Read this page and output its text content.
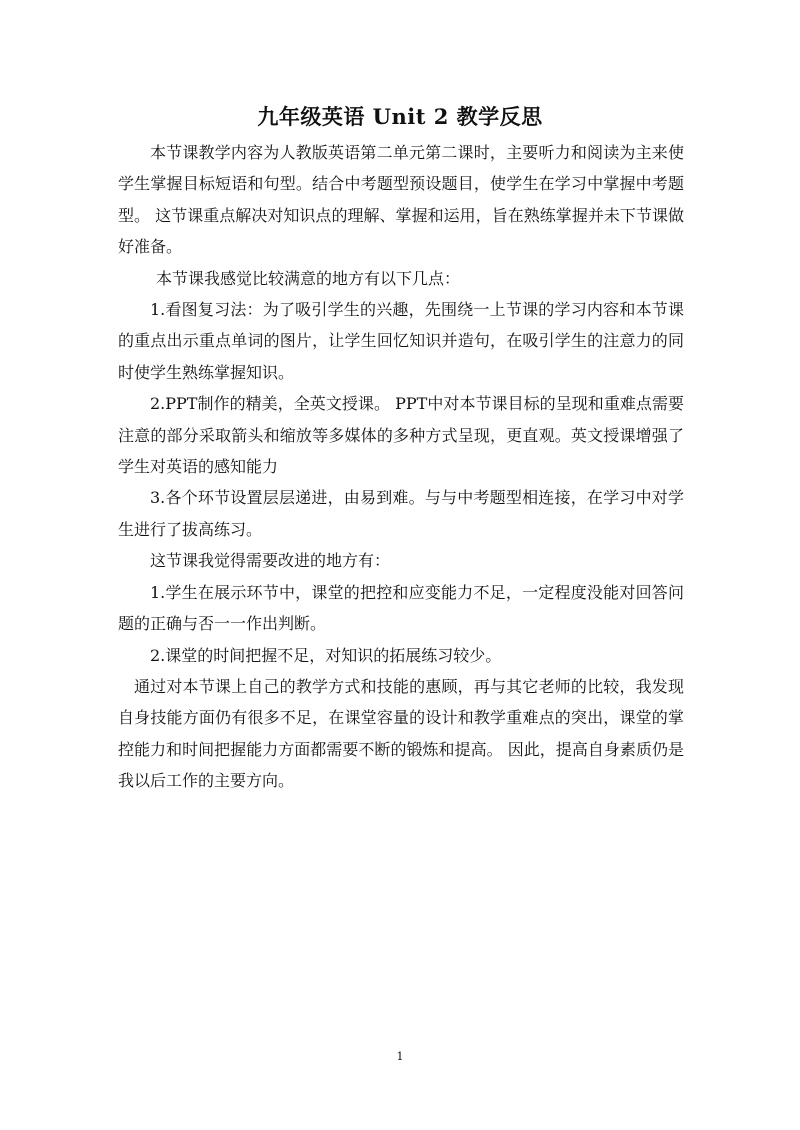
九年级英语 Unit 2 教学反思

本节课教学内容为人教版英语第二单元第二课时，主要听力和阅读为主来使学生掌握目标短语和句型。结合中考题型预设题目，使学生在学习中掌握中考题型。 这节课重点解决对知识点的理解、掌握和运用，旨在熟练掌握并未下节课做好准备。

本节课我感觉比较满意的地方有以下几点：

1.看图复习法：为了吸引学生的兴趣，先围绕一上节课的学习内容和本节课的重点出示重点单词的图片，让学生回忆知识并造句，在吸引学生的注意力的同时使学生熟练掌握知识。

2.PPT制作的精美，全英文授课。 PPT中对本节课目标的呈现和重难点需要注意的部分采取箭头和缩放等多媒体的多种方式呈现，更直观。英文授课增强了学生对英语的感知能力

3.各个环节设置层层递进，由易到难。与与中考题型相连接，在学习中对学生进行了拔高练习。

这节课我觉得需要改进的地方有：

1.学生在展示环节中，课堂的把控和应变能力不足，一定程度没能对回答问题的正确与否一一作出判断。

2.课堂的时间把握不足，对知识的拓展练习较少。

通过对本节课上自己的教学方式和技能的惠顾，再与其它老师的比较，我发现自身技能方面仍有很多不足，在课堂容量的设计和教学重难点的突出，课堂的掌控能力和时间把握能力方面都需要不断的锻炼和提高。 因此，提高自身素质仍是我以后工作的主要方向。

1
